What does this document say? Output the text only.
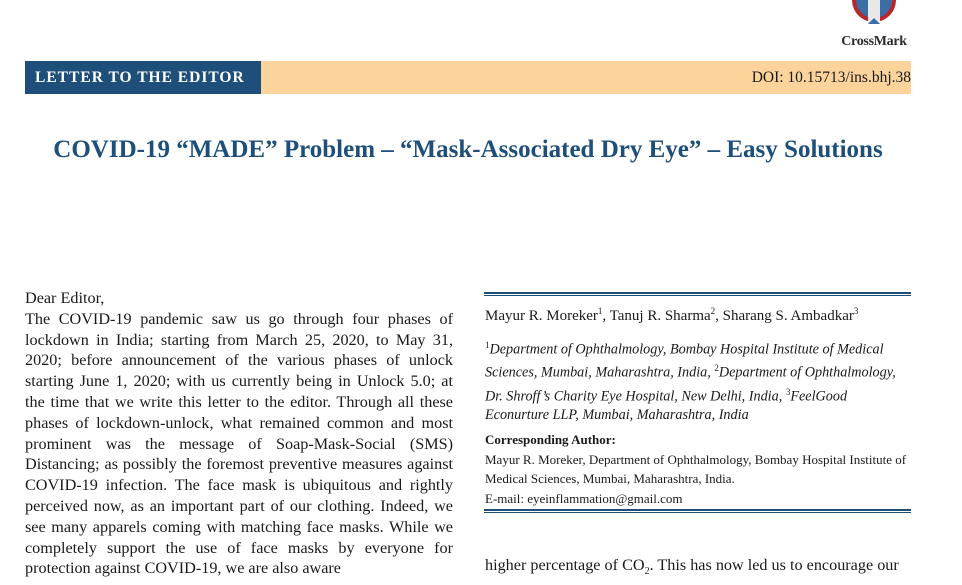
CrossMark
LETTER TO THE EDITOR	DOI: 10.15713/ins.bhj.38
COVID-19 “MADE” Problem – “Mask-Associated Dry Eye” – Easy Solutions

Dear Editor,

The COVID-19 pandemic saw us go through four phases of lockdown in India; starting from March 25, 2020, to May 31, 2020; before announcement of the various phases of unlock starting June 1, 2020; with us currently being in Unlock 5.0; at the time that we write this letter to the editor. Through all these phases of lockdown-unlock, what remained common and most prominent was the message of Soap-Mask-Social (SMS) Distancing; as possibly the foremost preventive measures against COVID-19 infection. The face mask is ubiquitous and rightly perceived now, as an important part of our clothing. Indeed, we see many apparels coming with matching face masks. While we completely support the use of face masks by everyone for protection against COVID-19, we are also aware

Mayur R. Moreker$^1$, Tanuj R. Sharma$^2$, Sharang S. Ambadkar$^3$
$^1$Department of Ophthalmology, Bombay Hospital Institute of Medical Sciences, Mumbai, Maharashtra, India, $^2$Department of Ophthalmology, Dr. Shroff’s Charity Eye Hospital, New Delhi, India, $^3$FeelGood Econurture LLP, Mumbai, Maharashtra, India
Corresponding Author:
Mayur R. Moreker, Department of Ophthalmology, Bombay Hospital Institute of Medical Sciences, Mumbai, Maharashtra, India.
E-mail: eyeinflammation@gmail.com
higher percentage of $CO_2$. This has now led us to encourage our
